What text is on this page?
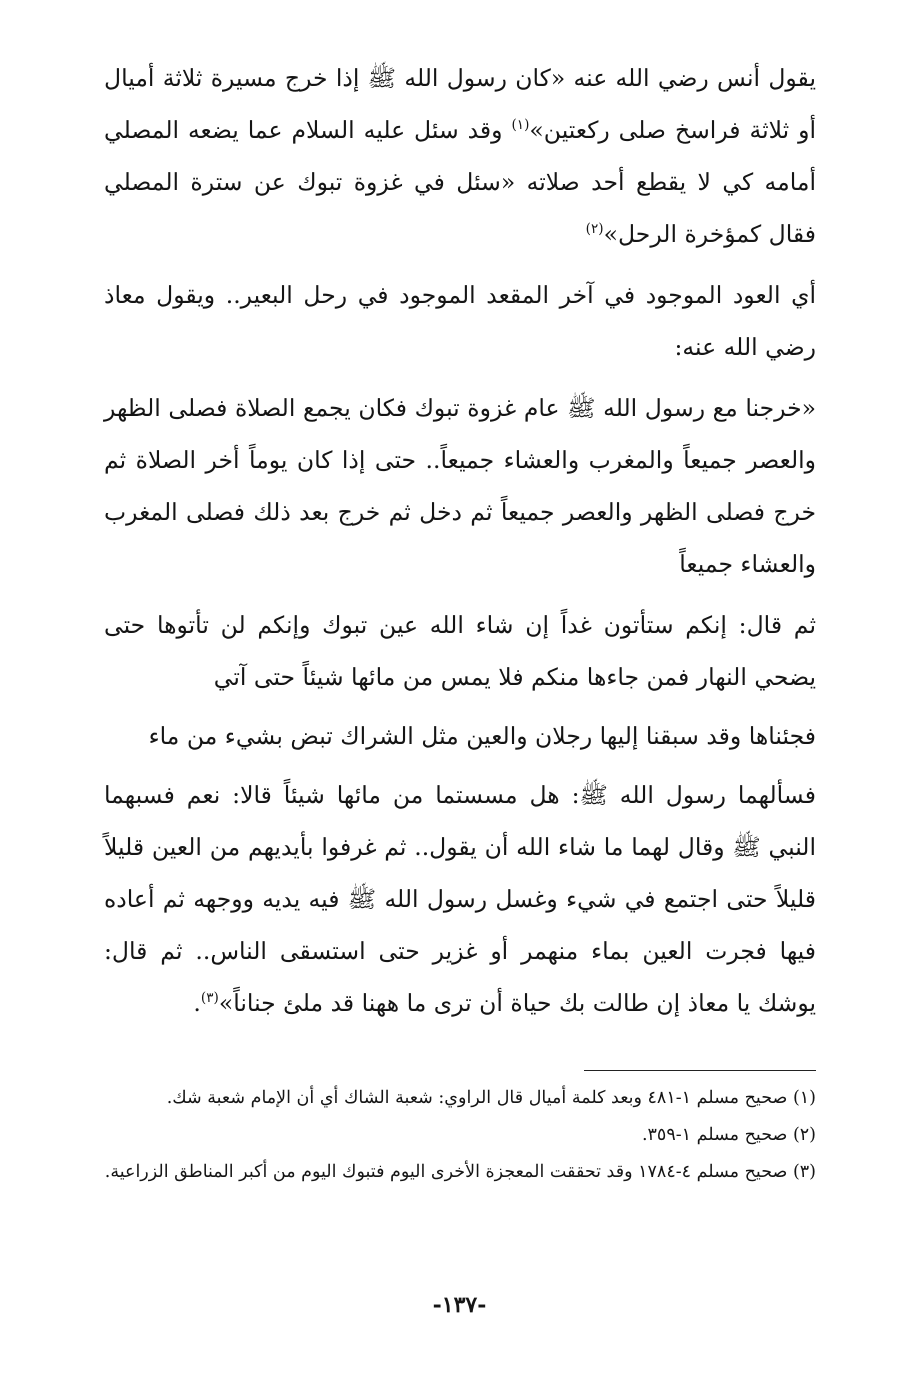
يقول أنس رضي الله عنه «كان رسول الله ﷺ إذا خرج مسيرة ثلاثة أميال أو ثلاثة فراسخ صلى ركعتين»$^{(١)}$ وقد سئل عليه السلام عما يضعه المصلي أمامه كي لا يقطع أحد صلاته «سئل في غزوة تبوك عن سترة المصلي فقال كمؤخرة الرحل»$^{(٢)}$

أي العود الموجود في آخر المقعد الموجود في رحل البعير.. ويقول معاذ رضي الله عنه:

«خرجنا مع رسول الله ﷺ عام غزوة تبوك فكان يجمع الصلاة فصلى الظهر والعصر جميعاً والمغرب والعشاء جميعاً.. حتى إذا كان يوماً أخر الصلاة ثم خرج فصلى الظهر والعصر جميعاً ثم دخل ثم خرج بعد ذلك فصلى المغرب والعشاء جميعاً

ثم قال: إنكم ستأتون غداً إن شاء الله عين تبوك وإنكم لن تأتوها حتى يضحي النهار فمن جاءها منكم فلا يمس من مائها شيئاً حتى آتي

فجئناها وقد سبقنا إليها رجلان والعين مثل الشراك تبض بشيء من ماء

فسألهما رسول الله ﷺ: هل مسستما من مائها شيئاً قالا: نعم فسبهما النبي ﷺ وقال لهما ما شاء الله أن يقول.. ثم غرفوا بأيديهم من العين قليلاً قليلاً حتى اجتمع في شيء وغسل رسول الله ﷺ فيه يديه ووجهه ثم أعاده فيها فجرت العين بماء منهمر أو غزير حتى استسقى الناس.. ثم قال: يوشك يا معاذ إن طالت بك حياة أن ترى ما ههنا قد ملئ جناناً»$^{(٣)}$.

(١) صحيح مسلم ١-٤٨١ وبعد كلمة أميال قال الراوي: شعبة الشاك أي أن الإمام شعبة شك.

(٢) صحيح مسلم ١-٣٥٩.

(٣) صحيح مسلم ٤-١٧٨٤ وقد تحققت المعجزة الأخرى اليوم فتبوك اليوم من أكبر المناطق الزراعية.

-١٣٧-
